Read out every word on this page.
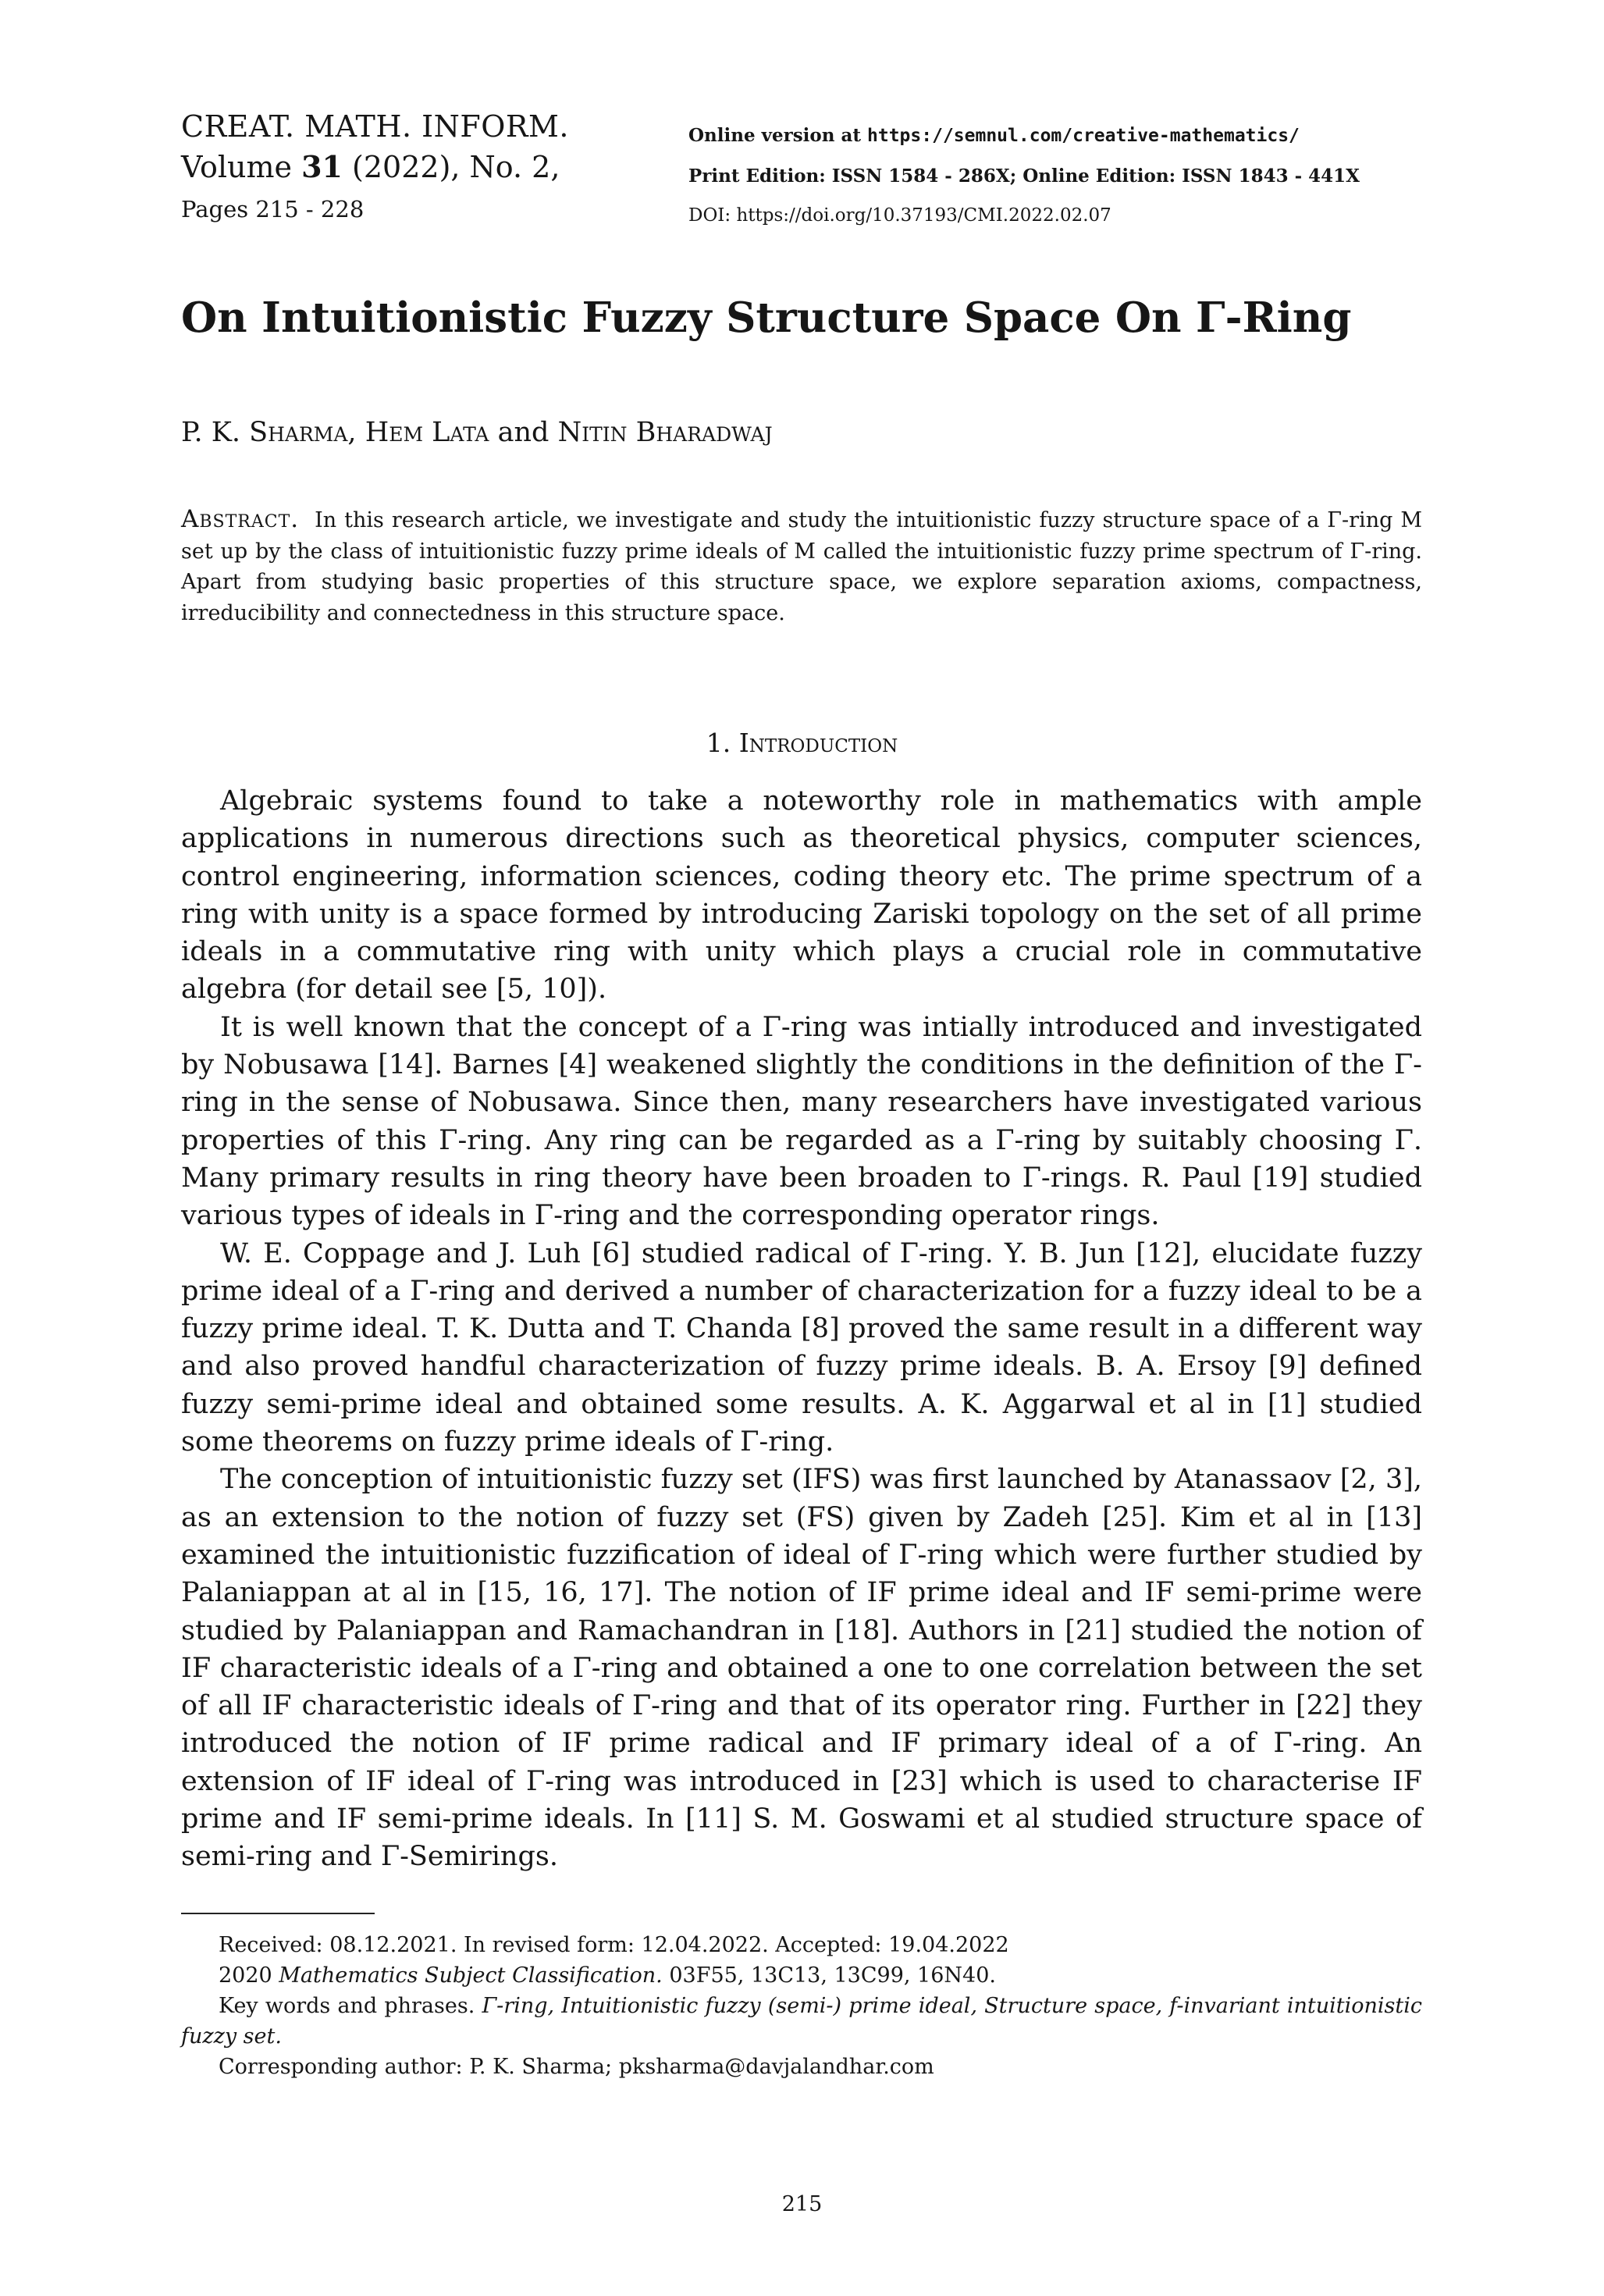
CREAT. MATH. INFORM.
Volume 31 (2022), No. 2,
Pages 215 - 228
Online version at https://semnul.com/creative-mathematics/
Print Edition: ISSN 1584 - 286X; Online Edition: ISSN 1843 - 441X
DOI: https://doi.org/10.37193/CMI.2022.02.07
On Intuitionistic Fuzzy Structure Space On Γ-Ring
P. K. Sharma, Hem Lata and Nitin Bharadwaj
Abstract. In this research article, we investigate and study the intuitionistic fuzzy structure space of a Γ-ring M set up by the class of intuitionistic fuzzy prime ideals of M called the intuitionistic fuzzy prime spectrum of Γ-ring. Apart from studying basic properties of this structure space, we explore separation axioms, compactness, irreducibility and connectedness in this structure space.
1. Introduction

Algebraic systems found to take a noteworthy role in mathematics with ample applications in numerous directions such as theoretical physics, computer sciences, control engineering, information sciences, coding theory etc. The prime spectrum of a ring with unity is a space formed by introducing Zariski topology on the set of all prime ideals in a commutative ring with unity which plays a crucial role in commutative algebra (for detail see [5, 10]).

It is well known that the concept of a Γ-ring was intially introduced and investigated by Nobusawa [14]. Barnes [4] weakened slightly the conditions in the definition of the Γ-ring in the sense of Nobusawa. Since then, many researchers have investigated various properties of this Γ-ring. Any ring can be regarded as a Γ-ring by suitably choosing Γ. Many primary results in ring theory have been broaden to Γ-rings. R. Paul [19] studied various types of ideals in Γ-ring and the corresponding operator rings.

W. E. Coppage and J. Luh [6] studied radical of Γ-ring. Y. B. Jun [12], elucidate fuzzy prime ideal of a Γ-ring and derived a number of characterization for a fuzzy ideal to be a fuzzy prime ideal. T. K. Dutta and T. Chanda [8] proved the same result in a different way and also proved handful characterization of fuzzy prime ideals. B. A. Ersoy [9] defined fuzzy semi-prime ideal and obtained some results. A. K. Aggarwal et al in [1] studied some theorems on fuzzy prime ideals of Γ-ring.

The conception of intuitionistic fuzzy set (IFS) was first launched by Atanassaov [2, 3], as an extension to the notion of fuzzy set (FS) given by Zadeh [25]. Kim et al in [13] examined the intuitionistic fuzzification of ideal of Γ-ring which were further studied by Palaniappan at al in [15, 16, 17]. The notion of IF prime ideal and IF semi-prime were studied by Palaniappan and Ramachandran in [18]. Authors in [21] studied the notion of IF characteristic ideals of a Γ-ring and obtained a one to one correlation between the set of all IF characteristic ideals of Γ-ring and that of its operator ring. Further in [22] they introduced the notion of IF prime radical and IF primary ideal of a of Γ-ring. An extension of IF ideal of Γ-ring was introduced in [23] which is used to characterise IF prime and IF semi-prime ideals. In [11] S. M. Goswami et al studied structure space of semi-ring and Γ-Semirings.

Received: 08.12.2021. In revised form: 12.04.2022. Accepted: 19.04.2022

2020 Mathematics Subject Classification. 03F55, 13C13, 13C99, 16N40.

Key words and phrases. Γ-ring, Intuitionistic fuzzy (semi-) prime ideal, Structure space, f-invariant intuitionistic fuzzy set.

Corresponding author: P. K. Sharma; pksharma@davjalandhar.com

215
